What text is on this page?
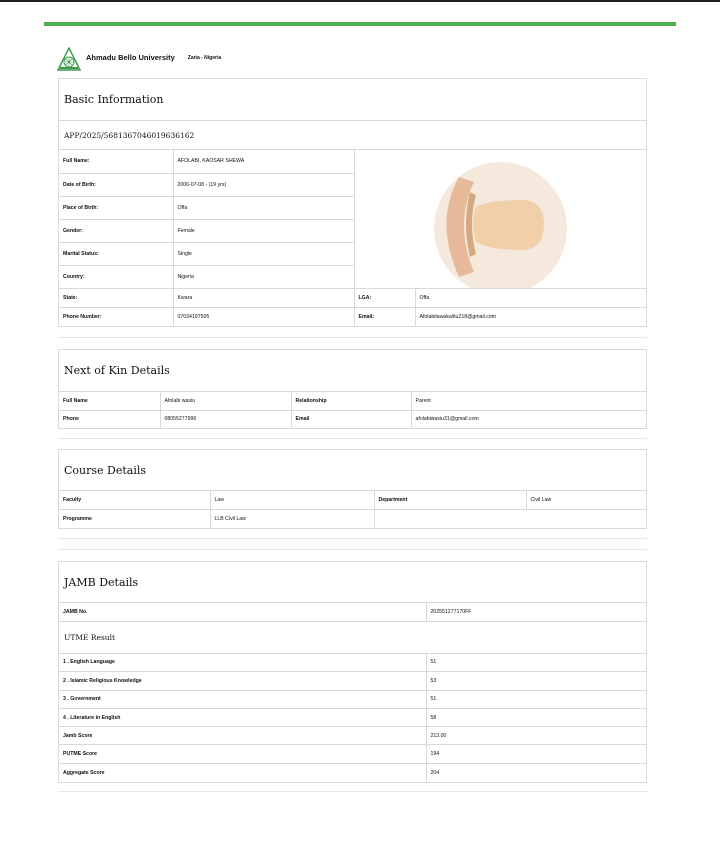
Ahmadu Bello University	Zaria - Nigeria
Basic Information
APP/2025/5681367046019636162
Full Name:	AFOLABI, KAOSAR SHEWA	

Date of Birth:	2006-07-08 - (19 yrs)		
Place of Birth:	Offa		
Gender:	Female		
Marital Status:	Single		
Country:	Nigeria		
State:	Kwara	LGA:	Offa
Phone Number:	07034197505	Email:	Afolabitawakalitu218@gmail.com
Next of Kin Details
Full Name	Afolabi wasiu	Relationship	Parent
Phone	08055277996	Email	afolabiwasiu31@gmail.com
Course Details
Faculty	Law	Department	Civil Law
Programme	LLB Civil Law		
JAMB Details
JAMB No.	202551277170FF
UTME Result
1 . English Language	51
2 . Islamic Religious Knowledge	53
3 . Government	51
4 . Literature in English	58
Jamb Score	213.00
PUTME Score	194
Aggregate Score	204
